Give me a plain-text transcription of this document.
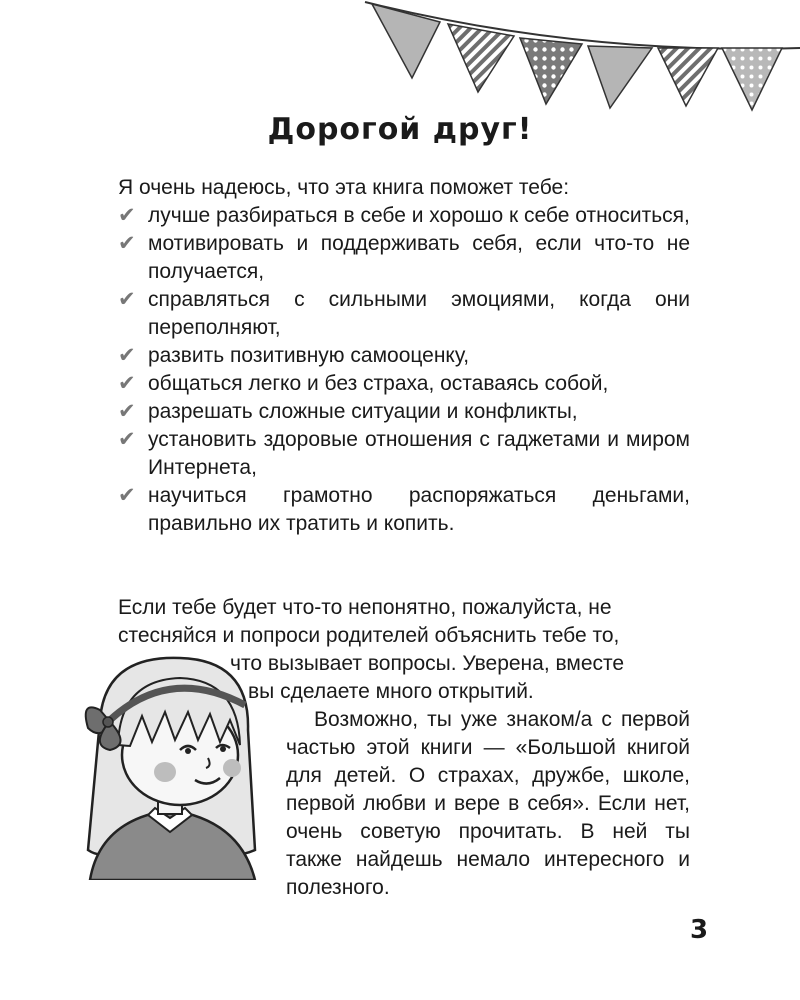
Дорогой друг!

Я очень надеюсь, что эта книга поможет тебе:

✔ лучше разбираться в себе и хорошо к себе относиться,
✔ мотивировать и поддерживать себя, если что-то не получается,
✔ справляться с сильными эмоциями, когда они переполняют,
✔ развить позитивную самооценку,
✔ общаться легко и без страха, оставаясь собой,
✔ разрешать сложные ситуации и конфликты,
✔ установить здоровые отношения с гаджетами и миром Интернета,
✔ научиться грамотно распоряжаться деньгами, правильно их тратить и копить.

Если тебе будет что-то непонятно, пожалуйста, не

стесняйся и попроси родителей объяснить тебе то,

что вызывает вопросы. Уверена, вместе

вы сделаете много открытий.

Возможно, ты уже знаком/а с первой частью этой книги — «Большой книгой для детей. О страхах, дружбе, школе, первой любви и вере в себя». Если нет, очень советую прочитать. В ней ты также найдешь немало интересного и полезного.

3
